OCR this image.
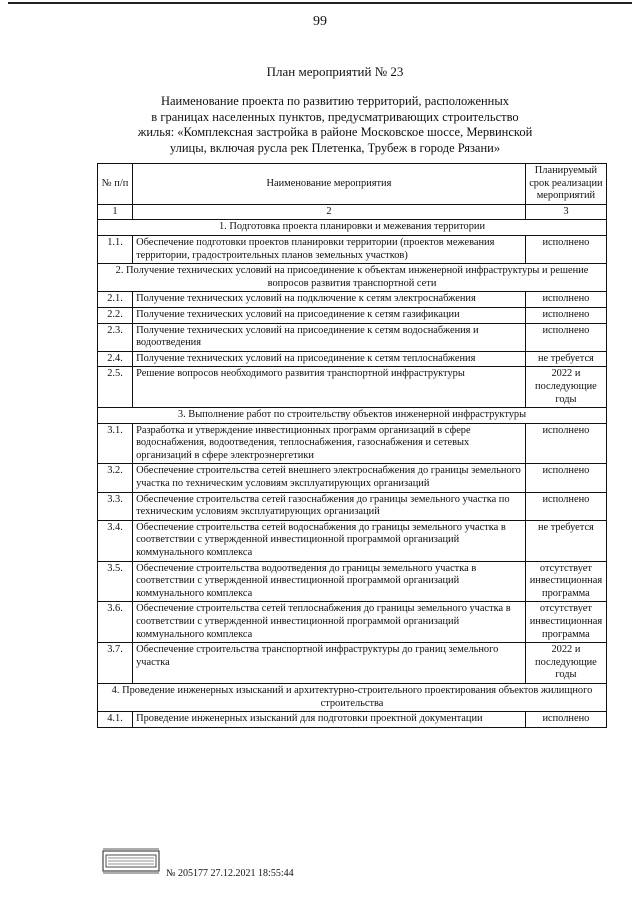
99
План мероприятий № 23
Наименование проекта по развитию территорий, расположенных
в границах населенных пунктов, предусматривающих строительство
жилья: «Комплексная застройка в районе Московское шоссе, Мервинской
улицы, включая русла рек Плетенка, Трубеж в городе Рязани»
№ п/п	Наименование мероприятия	Планируемый срок реализации мероприятий
1	2	3
1. Подготовка проекта планировки и межевания территории		
1.1.	Обеспечение подготовки проектов планировки территории (проектов межевания территории, градостроительных планов земельных участков)	исполнено
2. Получение технических условий на присоединение к объектам инженерной инфраструктуры и решение вопросов развития транспортной сети		
2.1.	Получение технических условий на подключение к сетям электроснабжения	исполнено
2.2.	Получение технических условий на присоединение к сетям газификации	исполнено
2.3.	Получение технических условий на присоединение к сетям водоснабжения и водоотведения	исполнено
2.4.	Получение технических условий на присоединение к сетям теплоснабжения	не требуется
2.5.	Решение вопросов необходимого развития транспортной инфраструктуры	2022 и последующие годы
3. Выполнение работ по строительству объектов инженерной инфраструктуры		
3.1.	Разработка и утверждение инвестиционных программ организаций в сфере водоснабжения, водоотведения, теплоснабжения, газоснабжения и сетевых организаций в сфере электроэнергетики	исполнено
3.2.	Обеспечение строительства сетей внешнего электроснабжения до границы земельного участка по техническим условиям эксплуатирующих организаций	исполнено
3.3.	Обеспечение строительства сетей газоснабжения до границы земельного участка по техническим условиям эксплуатирующих организаций	исполнено
3.4.	Обеспечение строительства сетей водоснабжения до границы земельного участка в соответствии с утвержденной инвестиционной программой организаций коммунального комплекса	не требуется
3.5.	Обеспечение строительства водоотведения до границы земельного участка в соответствии с утвержденной инвестиционной программой организаций коммунального комплекса	отсутствует инвестиционная программа
3.6.	Обеспечение строительства сетей теплоснабжения до границы земельного участка в соответствии с утвержденной инвестиционной программой организаций коммунального комплекса	отсутствует инвестиционная программа
3.7.	Обеспечение строительства транспортной инфраструктуры до границ земельного участка	2022 и последующие годы
4. Проведение инженерных изысканий и архитектурно-строительного проектирования объектов жилищного строительства		
4.1.	Проведение инженерных изысканий для подготовки проектной документации	исполнено
№ 205177 27.12.2021 18:55:44
